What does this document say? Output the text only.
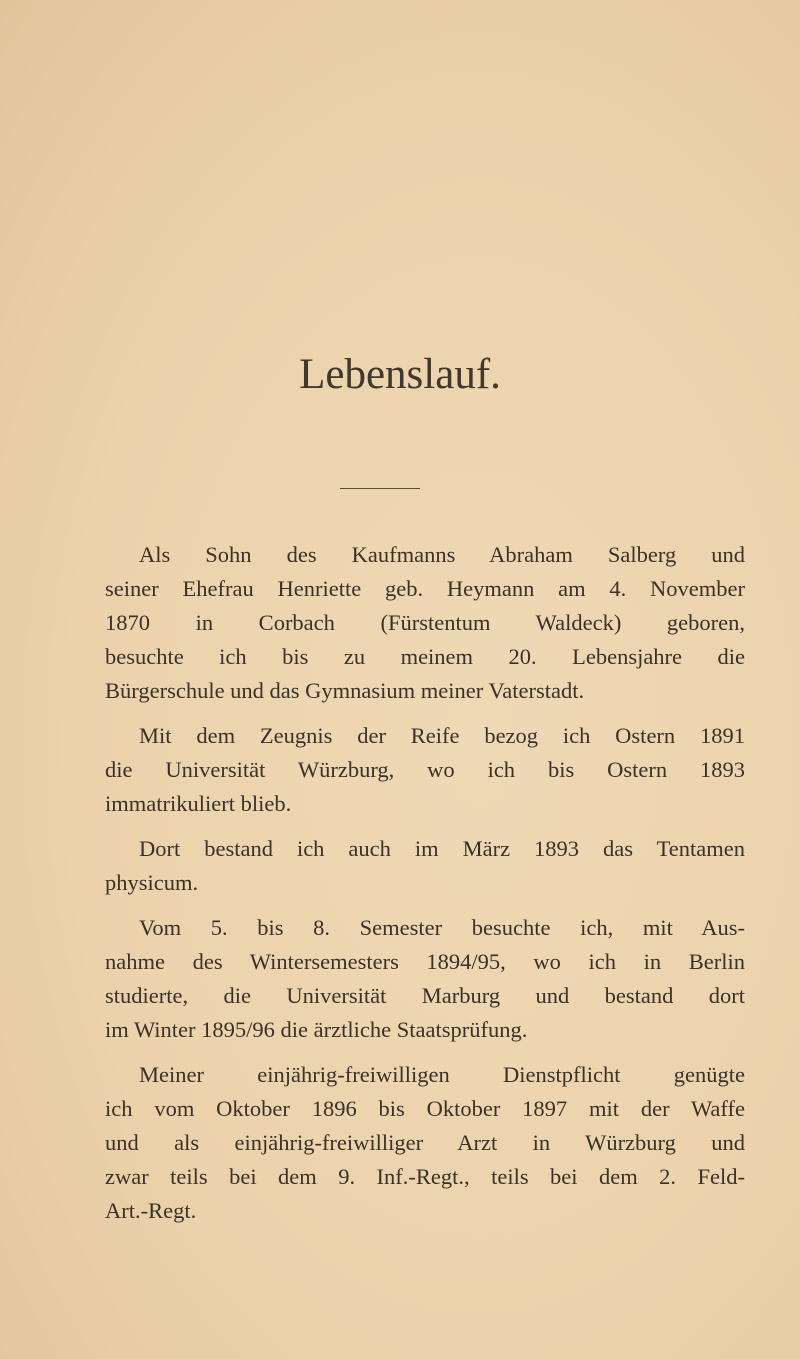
Lebenslauf.
Als Sohn des Kaufmanns Abraham Salberg und
seiner Ehefrau Henriette geb. Heymann am 4. November
1870 in Corbach (Fürstentum Waldeck) geboren,
besuchte ich bis zu meinem 20. Lebensjahre die
Bürgerschule und das Gymnasium meiner Vaterstadt.
Mit dem Zeugnis der Reife bezog ich Ostern 1891
die Universität Würzburg, wo ich bis Ostern 1893
immatrikuliert blieb.
Dort bestand ich auch im März 1893 das Tentamen
physicum.
Vom 5. bis 8. Semester besuchte ich, mit Aus-
nahme des Wintersemesters 1894/95, wo ich in Berlin
studierte, die Universität Marburg und bestand dort
im Winter 1895/96 die ärztliche Staatsprüfung.
Meiner einjährig-freiwilligen Dienstpflicht genügte
ich vom Oktober 1896 bis Oktober 1897 mit der Waffe
und als einjährig-freiwilliger Arzt in Würzburg und
zwar teils bei dem 9. Inf.-Regt., teils bei dem 2. Feld-
Art.-Regt.
